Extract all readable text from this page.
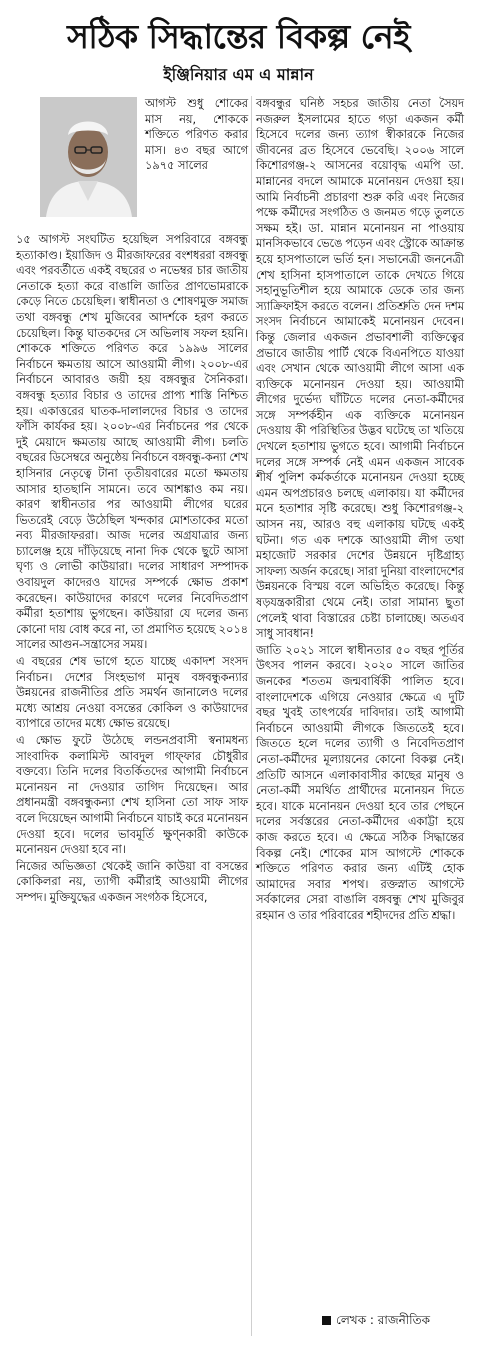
সঠিক সিদ্ধান্তের বিকল্প নেই
ইঞ্জিনিয়ার এম এ মান্নান
আগস্ট শুধু শোকের মাস নয়, শোককে শক্তিতে পরিণত করার মাস। ৪৩ বছর আগে ১৯৭৫ সালের

১৫ আগস্ট সংঘটিত হয়েছিল সপরিবারে বঙ্গবন্ধু হত্যাকাণ্ড। ইয়াজিদ ও মীরজাফরের বংশধররা বঙ্গবন্ধু এবং পরবর্তীতে একই বছরের ৩ নভেম্বর চার জাতীয় নেতাকে হত্যা করে বাঙালি জাতির প্রাণভোমরাকে কেড়ে নিতে চেয়েছিল। স্বাধীনতা ও শোষণমুক্ত সমাজ তথা বঙ্গবন্ধু শেখ মুজিবের আদর্শকে হরণ করতে চেয়েছিল। কিন্তু ঘাতকদের সে অভিলাষ সফল হয়নি। শোককে শক্তিতে পরিণত করে ১৯৯৬ সালের নির্বাচনে ক্ষমতায় আসে আওয়ামী লীগ। ২০০৮-এর নির্বাচনে আবারও জয়ী হয় বঙ্গবন্ধুর সৈনিকরা। বঙ্গবন্ধু হত্যার বিচার ও তাদের প্রাপ্য শাস্তি নিশ্চিত হয়। একাত্তরের ঘাতক-দালালদের বিচার ও তাদের ফাঁসি কার্যকর হয়। ২০০৮-এর নির্বাচনের পর থেকে দুই মেয়াদে ক্ষমতায় আছে আওয়ামী লীগ। চলতি বছরের ডিসেম্বরে অনুষ্ঠেয় নির্বাচনে বঙ্গবন্ধু-কন্যা শেখ হাসিনার নেতৃত্বে টানা তৃতীয়বারের মতো ক্ষমতায় আসার হাতছানি সামনে। তবে আশঙ্কাও কম নয়। কারণ স্বাধীনতার পর আওয়ামী লীগের ঘরের ভিতরেই বেড়ে উঠেছিল খন্দকার মোশতাকের মতো নব্য মীরজাফররা। আজ দলের অগ্রযাত্রার জন্য চ্যালেঞ্জ হয়ে দাঁড়িয়েছে নানা দিক থেকে ছুটে আসা ঘৃণ্য ও লোভী কাউয়ারা। দলের সাধারণ সম্পাদক ওবায়দুল কাদেরও যাদের সম্পর্কে ক্ষোভ প্রকাশ করেছেন। কাউয়াদের কারণে দলের নিবেদিতপ্রাণ কর্মীরা হতাশায় ভুগছেন। কাউয়ারা যে দলের জন্য কোনো দায় বোধ করে না, তা প্রমাণিত হয়েছে ২০১৪ সালের আগুন-সন্ত্রাসের সময়।

এ বছরের শেষ ভাগে হতে যাচ্ছে একাদশ সংসদ নির্বাচন। দেশের সিংহভাগ মানুষ বঙ্গবন্ধুকন্যার উন্নয়নের রাজনীতির প্রতি সমর্থন জানালেও দলের মধ্যে আশ্রয় নেওয়া বসন্তের কোকিল ও কাউয়াদের ব্যাপারে তাদের মধ্যে ক্ষোভ রয়েছে।

এ ক্ষোভ ফুটে উঠেছে লন্ডনপ্রবাসী স্বনামধন্য সাংবাদিক কলামিস্ট আবদুল গাফ্‌ফার চৌধুরীর বক্তব্যে। তিনি দলের বিতর্কিতদের আগামী নির্বাচনে মনোনয়ন না দেওয়ার তাগিদ দিয়েছেন। আর প্রধানমন্ত্রী বঙ্গবন্ধুকন্যা শেখ হাসিনা তো সাফ সাফ বলে দিয়েছেন আগামী নির্বাচনে যাচাই করে মনোনয়ন দেওয়া হবে। দলের ভাবমূর্তি ক্ষুণ্নকারী কাউকে মনোনয়ন দেওয়া হবে না।

নিজের অভিজ্ঞতা থেকেই জানি কাউয়া বা বসন্তের কোকিলরা নয়, ত্যাগী কর্মীরাই আওয়ামী লীগের সম্পদ। মুক্তিযুদ্ধের একজন সংগঠক হিসেবে,

বঙ্গবন্ধুর ঘনিষ্ঠ সহচর জাতীয় নেতা সৈয়দ নজরুল ইসলামের হাতে গড়া একজন কর্মী হিসেবে দলের জন্য ত্যাগ স্বীকারকে নিজের জীবনের ব্রত হিসেবে ভেবেছি। ২০০৬ সালে কিশোরগঞ্জ-২ আসনের বয়োবৃদ্ধ এমপি ডা. মান্নানের বদলে আমাকে মনোনয়ন দেওয়া হয়। আমি নির্বাচনী প্রচারণা শুরু করি এবং নিজের পক্ষে কর্মীদের সংগঠিত ও জনমত গড়ে তুলতে সক্ষম হই। ডা. মান্নান মনোনয়ন না পাওয়ায় মানসিকভাবে ভেঙে পড়েন এবং স্ট্রোকে আক্রান্ত হয়ে হাসপাতালে ভর্তি হন। সভানেত্রী জননেত্রী শেখ হাসিনা হাসপাতালে তাকে দেখতে গিয়ে সহানুভূতিশীল হয়ে আমাকে ডেকে তার জন্য স্যাক্রিফাইস করতে বলেন। প্রতিশ্রুতি দেন দশম সংসদ নির্বাচনে আমাকেই মনোনয়ন দেবেন। কিন্তু জেলার একজন প্রভাবশালী ব্যক্তিত্বের প্রভাবে জাতীয় পার্টি থেকে বিএনপিতে যাওয়া এবং সেখান থেকে আওয়ামী লীগে আসা এক ব্যক্তিকে মনোনয়ন দেওয়া হয়। আওয়ামী লীগের দুর্ভেদ্য ঘাঁটিতে দলের নেতা-কর্মীদের সঙ্গে সম্পর্কহীন এক ব্যক্তিকে মনোনয়ন দেওয়ায় কী পরিস্থিতির উদ্ভব ঘটেছে তা খতিয়ে দেখলে হতাশায় ভুগতে হবে। আগামী নির্বাচনে দলের সঙ্গে সম্পর্ক নেই এমন একজন সাবেক শীর্ষ পুলিশ কর্মকর্তাকে মনোনয়ন দেওয়া হচ্ছে এমন অপপ্রচারও চলছে এলাকায়। যা কর্মীদের মনে হতাশার সৃষ্টি করেছে। শুধু কিশোরগঞ্জ-২ আসন নয়, আরও বহু এলাকায় ঘটছে একই ঘটনা। গত এক দশকে আওয়ামী লীগ তথা মহাজোট সরকার দেশের উন্নয়নে দৃষ্টিগ্রাহ্য সাফল্য অর্জন করেছে। সারা দুনিয়া বাংলাদেশের উন্নয়নকে বিস্ময় বলে অভিহিত করেছে। কিন্তু ষড়যন্ত্রকারীরা থেমে নেই। তারা সামান্য ছুতা পেলেই থাবা বিস্তারের চেষ্টা চালাচ্ছে। অতএব সাধু সাবধান!

জাতি ২০২১ সালে স্বাধীনতার ৫০ বছর পূর্তির উৎসব পালন করবে। ২০২০ সালে জাতির জনকের শততম জন্মবার্ষিকী পালিত হবে। বাংলাদেশকে এগিয়ে নেওয়ার ক্ষেত্রে এ দুটি বছর খুবই তাৎপর্যের দাবিদার। তাই আগামী নির্বাচনে আওয়ামী লীগকে জিততেই হবে। জিততে হলে দলের ত্যাগী ও নিবেদিতপ্রাণ নেতা-কর্মীদের মূল্যায়নের কোনো বিকল্প নেই। প্রতিটি আসনে এলাকাবাসীর কাছের মানুষ ও নেতা-কর্মী সমর্থিত প্রার্থীদের মনোনয়ন দিতে হবে। যাকে মনোনয়ন দেওয়া হবে তার পেছনে দলের সর্বস্তরের নেতা-কর্মীদের একাট্টা হয়ে কাজ করতে হবে। এ ক্ষেত্রে সঠিক সিদ্ধান্তের বিকল্প নেই। শোকের মাস আগস্টে শোককে শক্তিতে পরিণত করার জন্য এটিই হোক আমাদের সবার শপথ। রক্তস্নাত আগস্টে সর্বকালের সেরা বাঙালি বঙ্গবন্ধু শেখ মুজিবুর রহমান ও তার পরিবারের শহীদদের প্রতি শ্রদ্ধা।

লেখক : রাজনীতিক
